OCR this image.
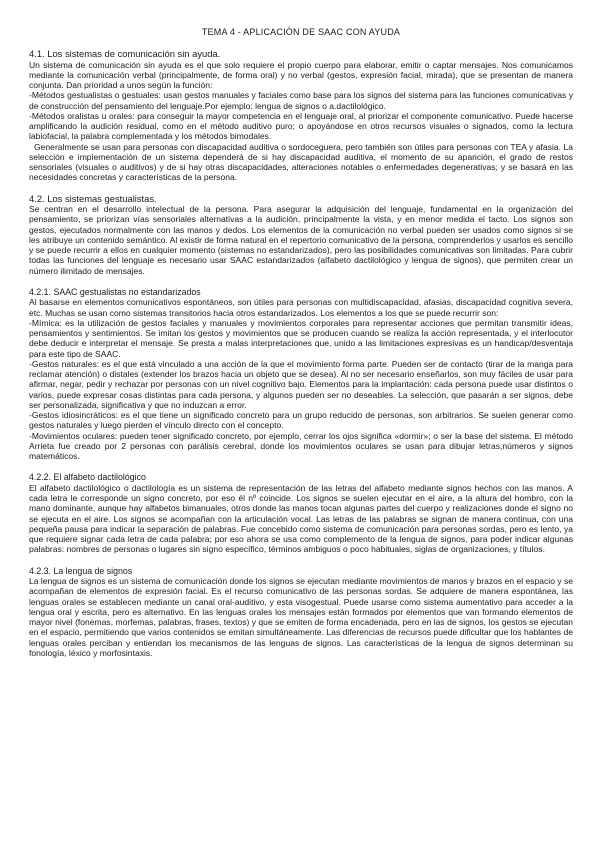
TEMA 4 - APLICACIÓN DE SAAC CON AYUDA
4.1. Los sistemas de comunicación sin ayuda.

Un sistema de comunicación sin ayuda es el que solo requiere el propio cuerpo para elaborar, emitir o captar mensajes. Nos comunicamos mediante la comunicación verbal (principalmente, de forma oral) y no verbal (gestos, expresión facial, mirada), que se presentan de manera conjunta. Dan prioridad a unos según la función:

-Métodos gestualistas o gestuales: usan gestos manuales y faciales como base para los signos del sistema para las funciones comunicativas y de construcción del pensamiento del lenguaje.Por ejemplo: lengua de signos o a.dactilológico.

-Métodos oralistas u orales: para conseguir la mayor competencia en el lenguaje oral, al priorizar el componente comunicativo. Puede hacerse amplificando la audición residual, como en el método auditivo puro; o apoyándose en otros recursos visuales o signados, como la lectura labiofacial, la palabra complementada y los métodos bimodales.

Generalmente se usan para personas con discapacidad auditiva o sordoceguera, pero también son útiles para personas con TEA y afasia. La selección e implementación de un sistema dependerá de si hay discapacidad auditiva, el momento de su aparición, el grado de restos sensoriales (visuales o auditivos) y de si hay otras discapacidades, alteraciones notables o enfermedades degenerativas; y se basará en las necesidades concretas y características de la persona.

4.2. Los sistemas gestualistas.

Se centran en el desarrollo intelectual de la persona. Para asegurar la adquisición del lenguaje, fundamental en la organización del pensamiento, se priorizan vías sensoriales alternativas a la audición, principalmente la vista, y en menor medida el tacto. Los signos son gestos, ejecutados normalmente con las manos y dedos. Los elementos de la comunicación no verbal pueden ser usados como signos si se les atribuye un contenido semántico. Al existir de forma natural en el repertorio comunicativo de la persona, comprenderlos y usarlos es sencillo y se puede recurrir a ellos en cualquier momento (sistemas no estandarizados), pero las posibilidades comunicativas son limitadas. Para cubrir todas las funciones del lenguaje es necesario usar SAAC estandarizados (alfabeto dactilológico y lengua de signos), que permiten crear un número ilimitado de mensajes.

4.2.1. SAAC gestualistas no estandarizados

Al basarse en elementos comunicativos espontáneos, son útiles para personas con multidiscapacidad, afasias, discapacidad cognitiva severa, etc. Muchas se usan como sistemas transitorios hacia otros estandarizados. Los elementos a los que se puede recurrir son:

-Mímica: es la utilización de gestos faciales y manuales y movimientos corporales para representar acciones que permitan transmitir ideas, pensamientos y sentimientos. Se imitan los gestos y movimientos que se producen cuando se realiza la acción representada, y el interlocutor debe deducir e interpretar el mensaje. Se presta a malas interpretaciones que, unido a las limitaciones expresivas es un handicap/desventaja para este tipo de SAAC.

-Gestos naturales: es el que está vinculado a una acción de la que el movimiento forma parte. Pueden ser de contacto (tirar de la manga para reclamar atención) o distales (extender los brazos hacia un objeto que se desea). Al no ser necesario enseñarlos, son muy fáciles de usar para afirmar, negar, pedir y rechazar por personas con un nivel cognitivo bajo. Elementos para la implantación: cada persona puede usar distintos o varios, puede expresar cosas distintas para cada persona, y algunos pueden ser no deseables. La selección, que pasarán a ser signos, debe ser personalizada, significativa y que no induzcan a error.

-Gestos idiosincráticos: es el que tiene un significado concreto para un grupo reducido de personas, son arbitrarios. Se suelen generar como gestos naturales y luego pierden el vínculo directo con el concepto.

-Movimientos oculares: pueden tener significado concreto, por ejemplo, cerrar los ojos significa «dormir»; o ser la base del sistema. El método Arrieta fue creado por 2 personas con parálisis cerebral, donde los movimientos oculares se usan para dibujar letras,números y signos matemáticos.

4.2.2. El alfabeto dactilológico

El alfabeto dactilológico o dactilología es un sistema de representación de las letras del alfabeto mediante signos hechos con las manos. A cada letra le corresponde un signo concreto, por eso él nº coincide. Los signos se suelen ejecutar en el aire, a la altura del hombro, con la mano dominante, aunque hay alfabetos bimanuales, otros donde las manos tocan algunas partes del cuerpo y realizaciones donde el signo no se ejecuta en el aire. Los signos se acompañan con la articulación vocal. Las letras de las palabras se signan de manera continua, con una pequeña pausa para indicar la separación de palabras. Fue concebido como sistema de comunicación para personas sordas, pero es lento, ya que requiere signar cada letra de cada palabra; por eso ahora se usa como complemento de la lengua de signos, para poder indicar algunas palabras: nombres de personas o lugares sin signo específico, términos ambiguos o poco habituales, siglas de organizaciones, y títulos.

4.2.3. La lengua de signos

La lengua de signos es un sistema de comunicación donde los signos se ejecutan mediante movimientos de manos y brazos en el espacio y se acompañan de elementos de expresión facial. Es el recurso comunicativo de las personas sordas. Se adquiere de manera espontánea, las lenguas orales se establecen mediante un canal oral-auditivo, y esta visogestual. Puede usarse como sistema aumentativo para acceder a la lengua oral y escrita, pero es alternativo. En las lenguas orales los mensajes están formados por elementos que van formando elementos de mayor nivel (fonemas, morfemas, palabras, frases, textos) y que se emiten de forma encadenada, pero en las de signos, los gestos se ejecutan en el espacio, permitiendo que varios contenidos se emitan simultáneamente. Las diferencias de recursos puede dificultar que los hablantes de lenguas orales perciban y entiendan los mecanismos de las lenguas de signos. Las características de la lengua de signos determinan su fonología, léxico y morfosintaxis.
